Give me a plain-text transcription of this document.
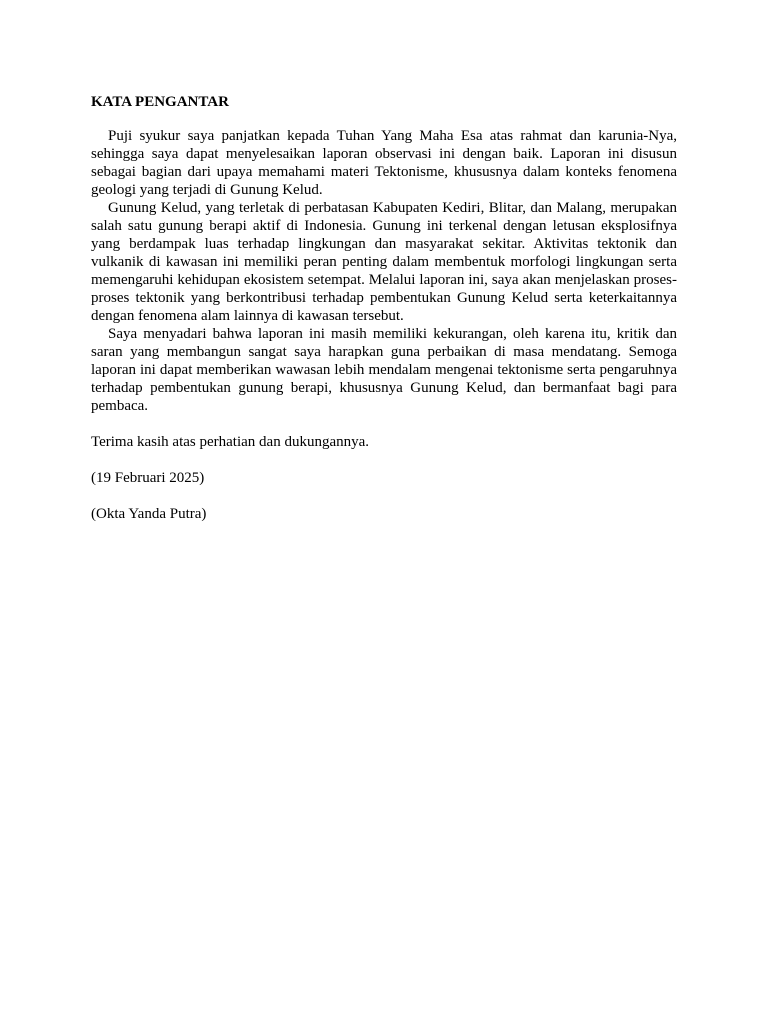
KATA PENGANTAR

Puji syukur saya panjatkan kepada Tuhan Yang Maha Esa atas rahmat dan karunia-Nya, sehingga saya dapat menyelesaikan laporan observasi ini dengan baik. Laporan ini disusun sebagai bagian dari upaya memahami materi Tektonisme, khususnya dalam konteks fenomena geologi yang terjadi di Gunung Kelud.

Gunung Kelud, yang terletak di perbatasan Kabupaten Kediri, Blitar, dan Malang, merupakan salah satu gunung berapi aktif di Indonesia. Gunung ini terkenal dengan letusan eksplosifnya yang berdampak luas terhadap lingkungan dan masyarakat sekitar. Aktivitas tektonik dan vulkanik di kawasan ini memiliki peran penting dalam membentuk morfologi lingkungan serta memengaruhi kehidupan ekosistem setempat. Melalui laporan ini, saya akan menjelaskan proses-proses tektonik yang berkontribusi terhadap pembentukan Gunung Kelud serta keterkaitannya dengan fenomena alam lainnya di kawasan tersebut.

Saya menyadari bahwa laporan ini masih memiliki kekurangan, oleh karena itu, kritik dan saran yang membangun sangat saya harapkan guna perbaikan di masa mendatang. Semoga laporan ini dapat memberikan wawasan lebih mendalam mengenai tektonisme serta pengaruhnya terhadap pembentukan gunung berapi, khususnya Gunung Kelud, dan bermanfaat bagi para pembaca.

Terima kasih atas perhatian dan dukungannya.

(19 Februari 2025)

(Okta Yanda Putra)
